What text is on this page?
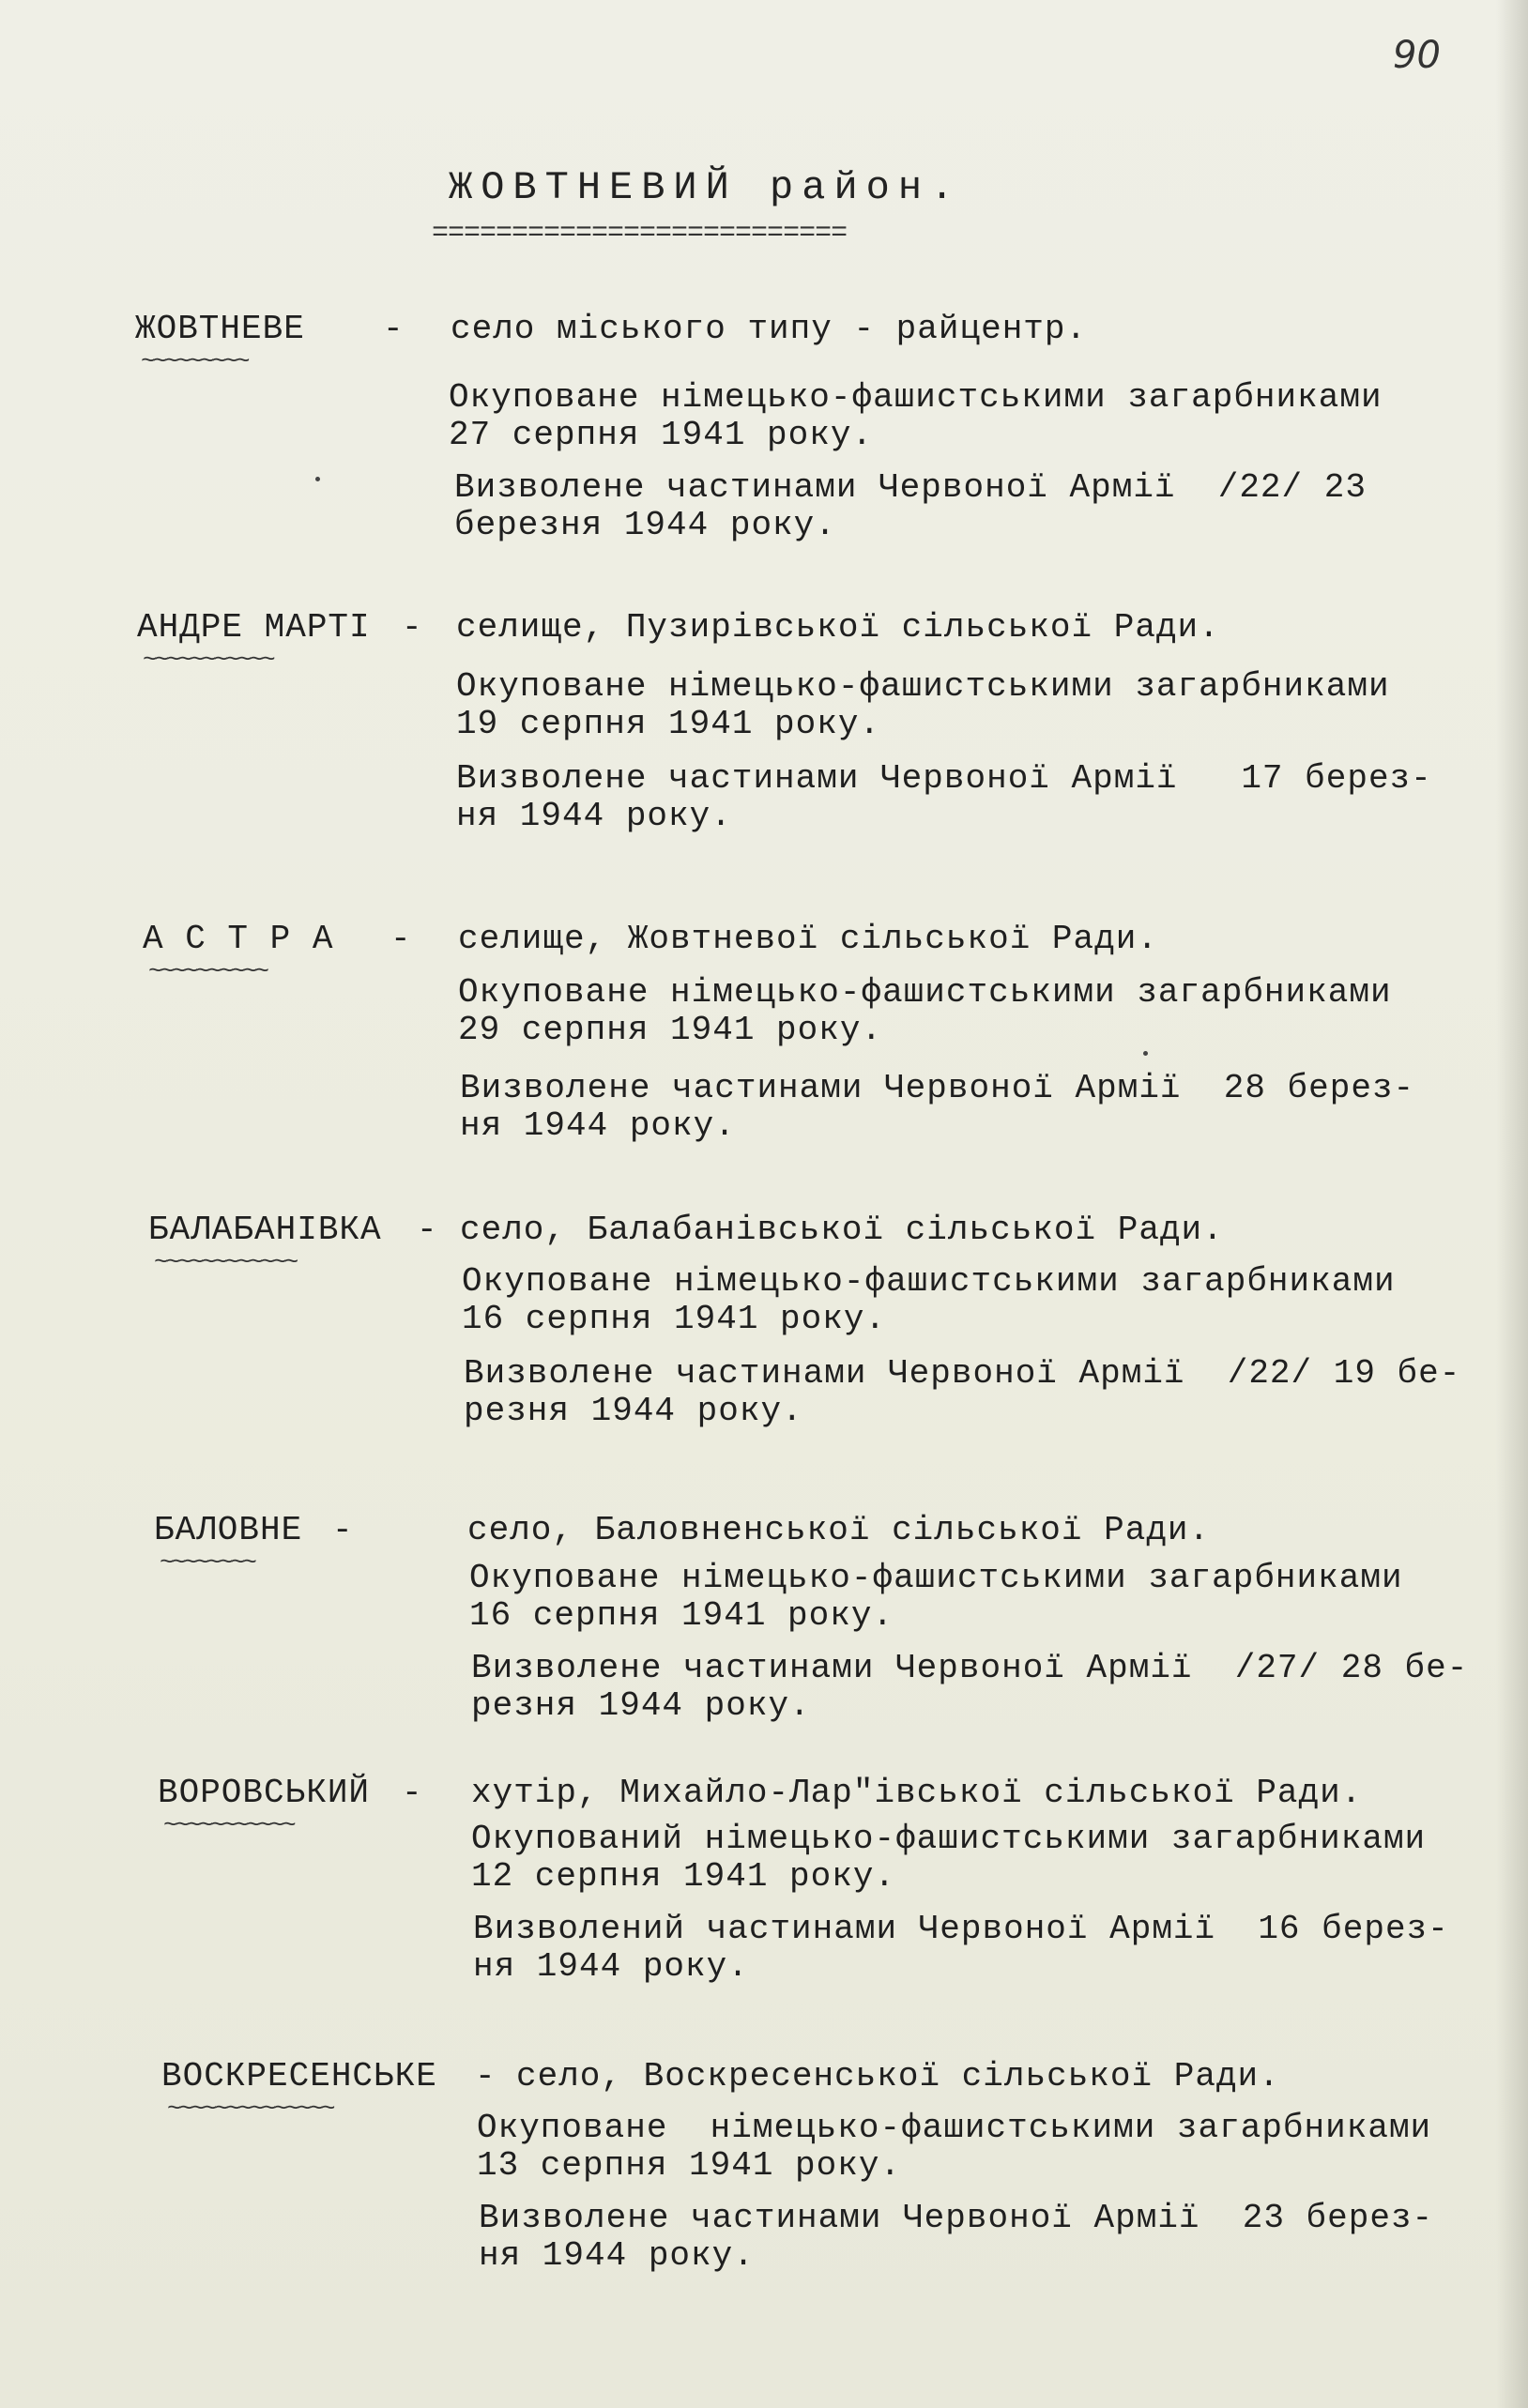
90
ЖОВТНЕВИЙ район.
==========================
ЖОВТНЕВЕ
~~~~~~~~~
- село міського типу - райцентр.
Окуповане німецько-фашистськими загарбниками
27 серпня 1941 року.
Визволене частинами Червоної Армії  /22/ 23
березня 1944 року.
АНДРЕ МАРТІ
~~~~~~~~~~~
- селище, Пузирівської сільської Ради.
Окуповане німецько-фашистськими загарбниками
19 серпня 1941 року.
Визволене частинами Червоної Армії   17 берез-
ня 1944 року.
А С Т Р А
~~~~~~~~~~
- селище, Жовтневої сільської Ради.
Окуповане німецько-фашистськими загарбниками
29 серпня 1941 року.
Визволене частинами Червоної Армії  28 берез-
ня 1944 року.
БАЛАБАНІВКА
~~~~~~~~~~~~
- село, Балабанівської сільської Ради.
Окуповане німецько-фашистськими загарбниками
16 серпня 1941 року.
Визволене частинами Червоної Армії  /22/ 19 бе-
резня 1944 року.
БАЛОВНЕ
~~~~~~~~
-	село, Баловненської сільської Ради.
Окуповане німецько-фашистськими загарбниками
16 серпня 1941 року.
Визволене частинами Червоної Армії  /27/ 28 бе-
резня 1944 року.
ВОРОВСЬКИЙ
~~~~~~~~~~~
- хутір, Михайло-Лар"івської сільської Ради.
Окупований німецько-фашистськими загарбниками
12 серпня 1941 року.
Визволений частинами Червоної Армії  16 берез-
ня 1944 року.
ВОСКРЕСЕНСЬКЕ
~~~~~~~~~~~~~~
- село, Воскресенської сільської Ради.
Окуповане  німецько-фашистськими загарбниками
13 серпня 1941 року.
Визволене частинами Червоної Армії  23 берез-
ня 1944 року.
